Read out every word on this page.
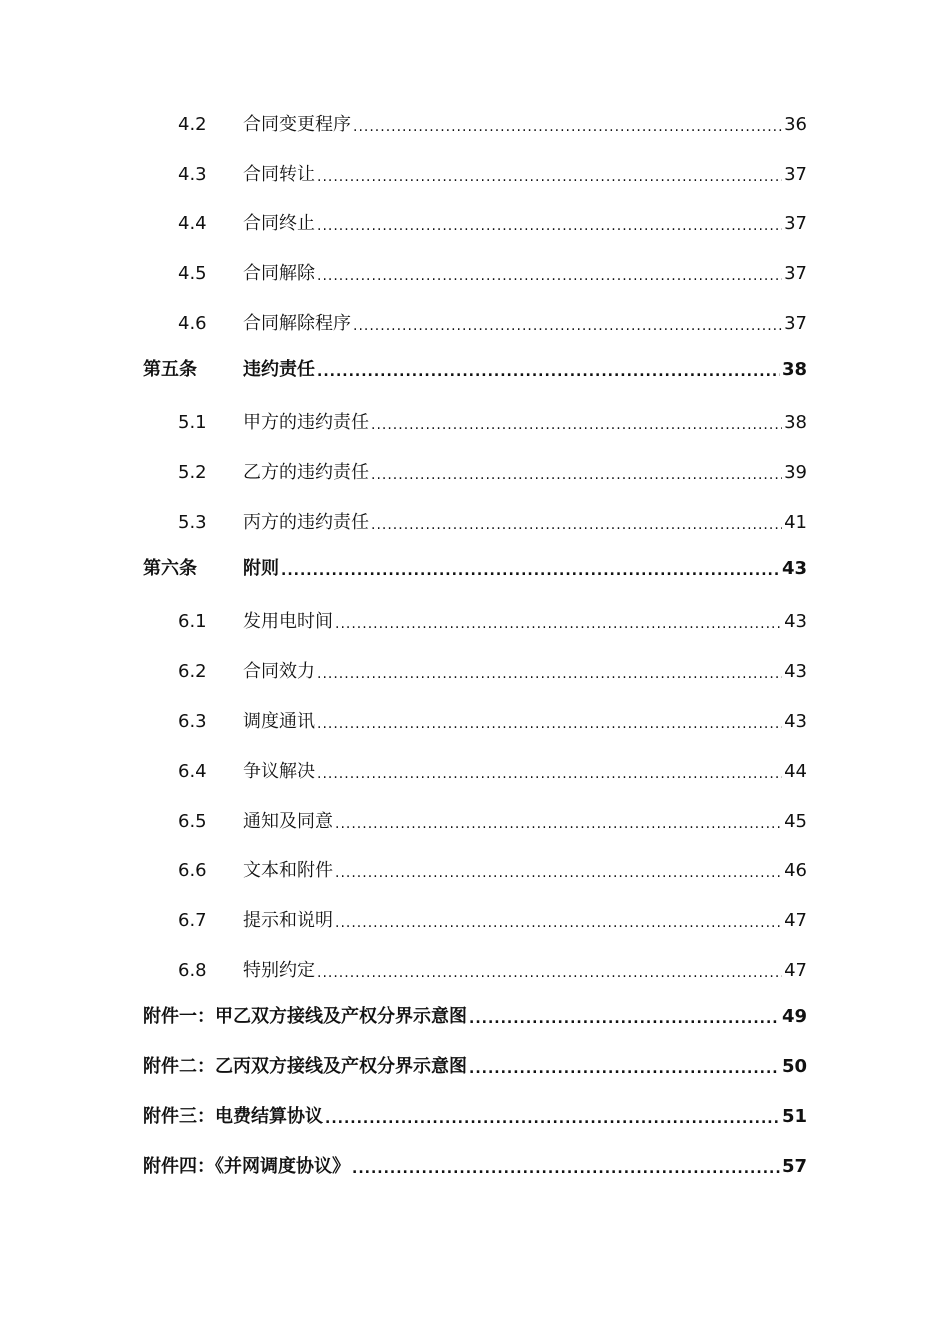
4.2	合同变更程序 .....	36
4.3	合同转让 .....	37
4.4	合同终止 .....	37
4.5	合同解除 .....	37
4.6	合同解除程序 .....	37
第五条	违约责任 .....	38
5.1	甲方的违约责任 .....	38
5.2	乙方的违约责任 .....	39
5.3	丙方的违约责任 .....	41
第六条	附则 .....	43
6.1	发用电时间 .....	43
6.2	合同效力 .....	43
6.3	调度通讯 .....	43
6.4	争议解决 .....	44
6.5	通知及同意 .....	45
6.6	文本和附件 .....	46
6.7	提示和说明 .....	47
6.8	特别约定 .....	47
附件一：甲乙双方接线及产权分界示意图 .....	49
附件二：乙丙双方接线及产权分界示意图 .....	50
附件三：电费结算协议 .....	51
附件四：《并网调度协议》 .....	57
